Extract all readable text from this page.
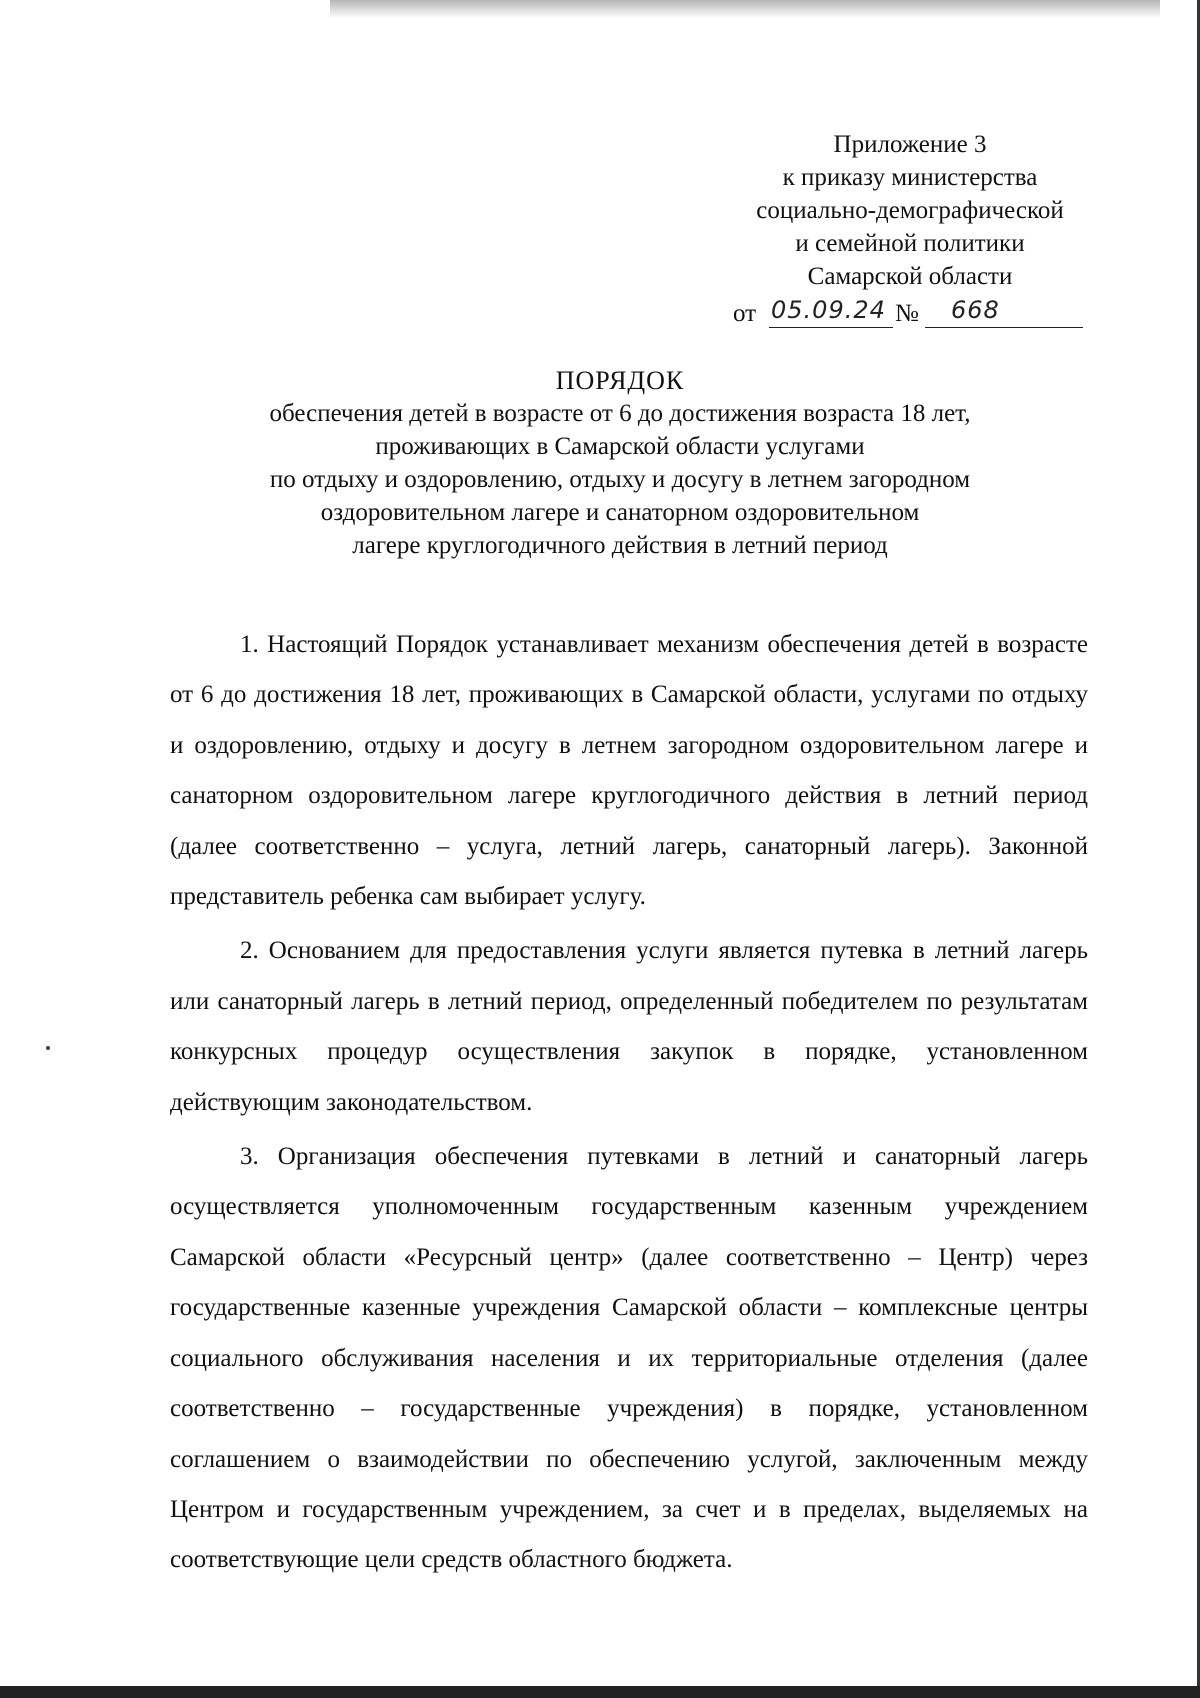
Приложение 3
к приказу министерства
социально-демографической
и семейной политики
Самарской области
от 05.09.24 № 668
ПОРЯДОК
обеспечения детей в возрасте от 6 до достижения возраста 18 лет,
проживающих в Самарской области услугами
по отдыху и оздоровлению, отдыху и досугу в летнем загородном
оздоровительном лагере и санаторном оздоровительном
лагере круглогодичного действия в летний период

1. Настоящий Порядок устанавливает механизм обеспечения детей в возрасте от 6 до достижения 18 лет, проживающих в Самарской области, услугами по отдыху и оздоровлению, отдыху и досугу в летнем загородном оздоровительном лагере и санаторном оздоровительном лагере круглогодичного действия в летний период (далее соответственно – услуга, летний лагерь, санаторный лагерь). Законной представитель ребенка сам выбирает услугу.

2. Основанием для предоставления услуги является путевка в летний лагерь или санаторный лагерь в летний период, определенный победителем по результатам конкурсных процедур осуществления закупок в порядке, установленном действующим законодательством.

3. Организация обеспечения путевками в летний и санаторный лагерь осуществляется уполномоченным государственным казенным учреждением Самарской области «Ресурсный центр» (далее соответственно – Центр) через государственные казенные учреждения Самарской области – комплексные центры социального обслуживания населения и их территориальные отделения (далее соответственно – государственные учреждения) в порядке, установленном соглашением о взаимодействии по обеспечению услугой, заключенным между Центром и государственным учреждением, за счет и в пределах, выделяемых на соответствующие цели средств областного бюджета.
